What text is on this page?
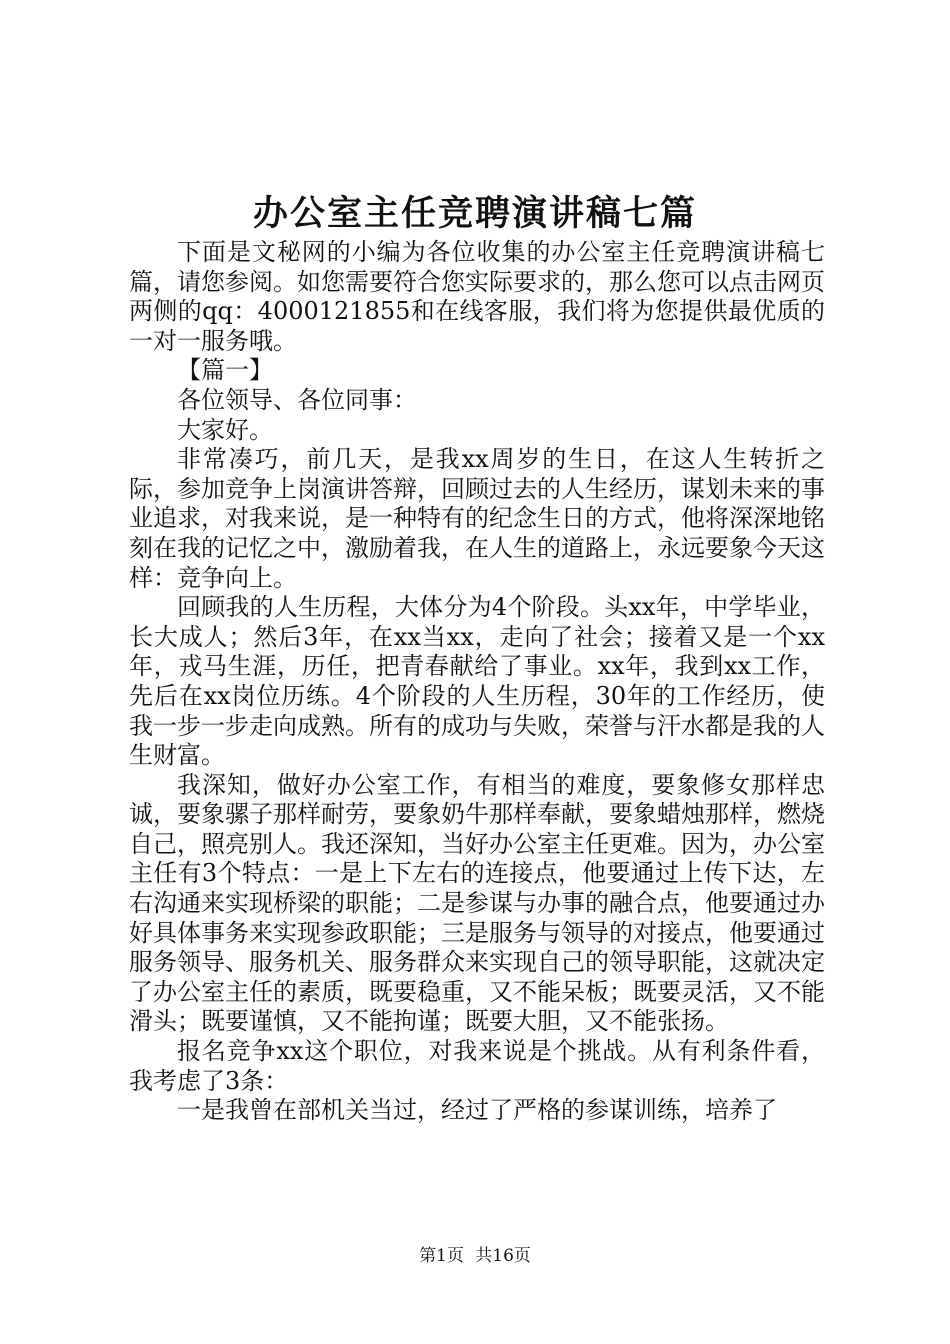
办公室主任竞聘演讲稿七篇

下面是文秘网的小编为各位收集的办公室主任竞聘演讲稿七篇，请您参阅。如您需要符合您实际要求的，那么您可以点击网页两侧的qq：4000121855和在线客服，我们将为您提供最优质的一对一服务哦。

【篇一】

各位领导、各位同事：

大家好。

非常凑巧，前几天，是我xx周岁的生日，在这人生转折之际，参加竞争上岗演讲答辩，回顾过去的人生经历，谋划未来的事业追求，对我来说，是一种特有的纪念生日的方式，他将深深地铭刻在我的记忆之中，激励着我，在人生的道路上，永远要象今天这样：竞争向上。

回顾我的人生历程，大体分为4个阶段。头xx年，中学毕业，长大成人；然后3年，在xx当xx，走向了社会；接着又是一个xx年，戎马生涯，历任，把青春献给了事业。xx年，我到xx工作，先后在xx岗位历练。4个阶段的人生历程，30年的工作经历，使我一步一步走向成熟。所有的成功与失败，荣誉与汗水都是我的人生财富。

我深知，做好办公室工作，有相当的难度，要象修女那样忠诚，要象骡子那样耐劳，要象奶牛那样奉献，要象蜡烛那样，燃烧自己，照亮别人。我还深知，当好办公室主任更难。因为，办公室主任有3个特点：一是上下左右的连接点，他要通过上传下达，左右沟通来实现桥梁的职能；二是参谋与办事的融合点，他要通过办好具体事务来实现参政职能；三是服务与领导的对接点，他要通过服务领导、服务机关、服务群众来实现自己的领导职能，这就决定了办公室主任的素质，既要稳重，又不能呆板；既要灵活，又不能滑头；既要谨慎，又不能拘谨；既要大胆，又不能张扬。

报名竞争xx这个职位，对我来说是个挑战。从有利条件看，我考虑了3条：

一是我曾在部机关当过，经过了严格的参谋训练，培养了

第1页 共16页
